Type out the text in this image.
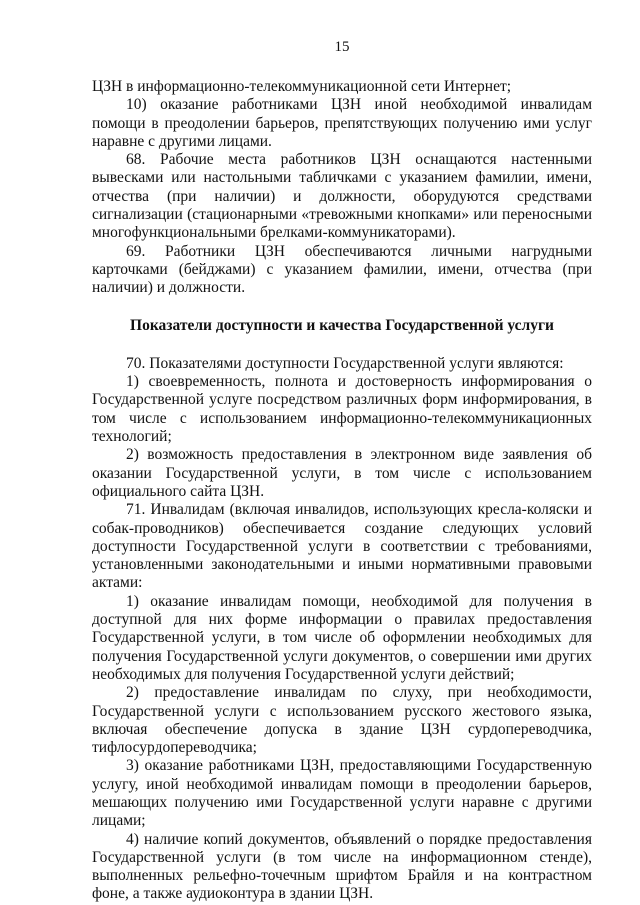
15

ЦЗН в информационно-телекоммуникационной сети Интернет;

10) оказание работниками ЦЗН иной необходимой инвалидам помощи в преодолении барьеров, препятствующих получению ими услуг наравне с другими лицами.

68. Рабочие места работников ЦЗН оснащаются настенными вывесками или настольными табличками с указанием фамилии, имени, отчества (при наличии) и должности, оборудуются средствами сигнализации (стационарными «тревожными кнопками» или переносными многофункциональными брелками-коммуникаторами).

69. Работники ЦЗН обеспечиваются личными нагрудными карточками (бейджами) с указанием фамилии, имени, отчества (при наличии) и должности.

Показатели доступности и качества Государственной услуги

70. Показателями доступности Государственной услуги являются:

1) своевременность, полнота и достоверность информирования о Государственной услуге посредством различных форм информирования, в том числе с использованием информационно-телекоммуникационных технологий;

2) возможность предоставления в электронном виде заявления об оказании Государственной услуги, в том числе с использованием официального сайта ЦЗН.

71. Инвалидам (включая инвалидов, использующих кресла-коляски и собак-проводников) обеспечивается создание следующих условий доступности Государственной услуги в соответствии с требованиями, установленными законодательными и иными нормативными правовыми актами:

1) оказание инвалидам помощи, необходимой для получения в доступной для них форме информации о правилах предоставления Государственной услуги, в том числе об оформлении необходимых для получения Государственной услуги документов, о совершении ими других необходимых для получения Государственной услуги действий;

2) предоставление инвалидам по слуху, при необходимости, Государственной услуги с использованием русского жестового языка, включая обеспечение допуска в здание ЦЗН сурдопереводчика, тифлосурдопереводчика;

3) оказание работниками ЦЗН, предоставляющими Государственную услугу, иной необходимой инвалидам помощи в преодолении барьеров, мешающих получению ими Государственной услуги наравне с другими лицами;

4) наличие копий документов, объявлений о порядке предоставления Государственной услуги (в том числе на информационном стенде), выполненных рельефно-точечным шрифтом Брайля и на контрастном фоне, а также аудиоконтура в здании ЦЗН.
